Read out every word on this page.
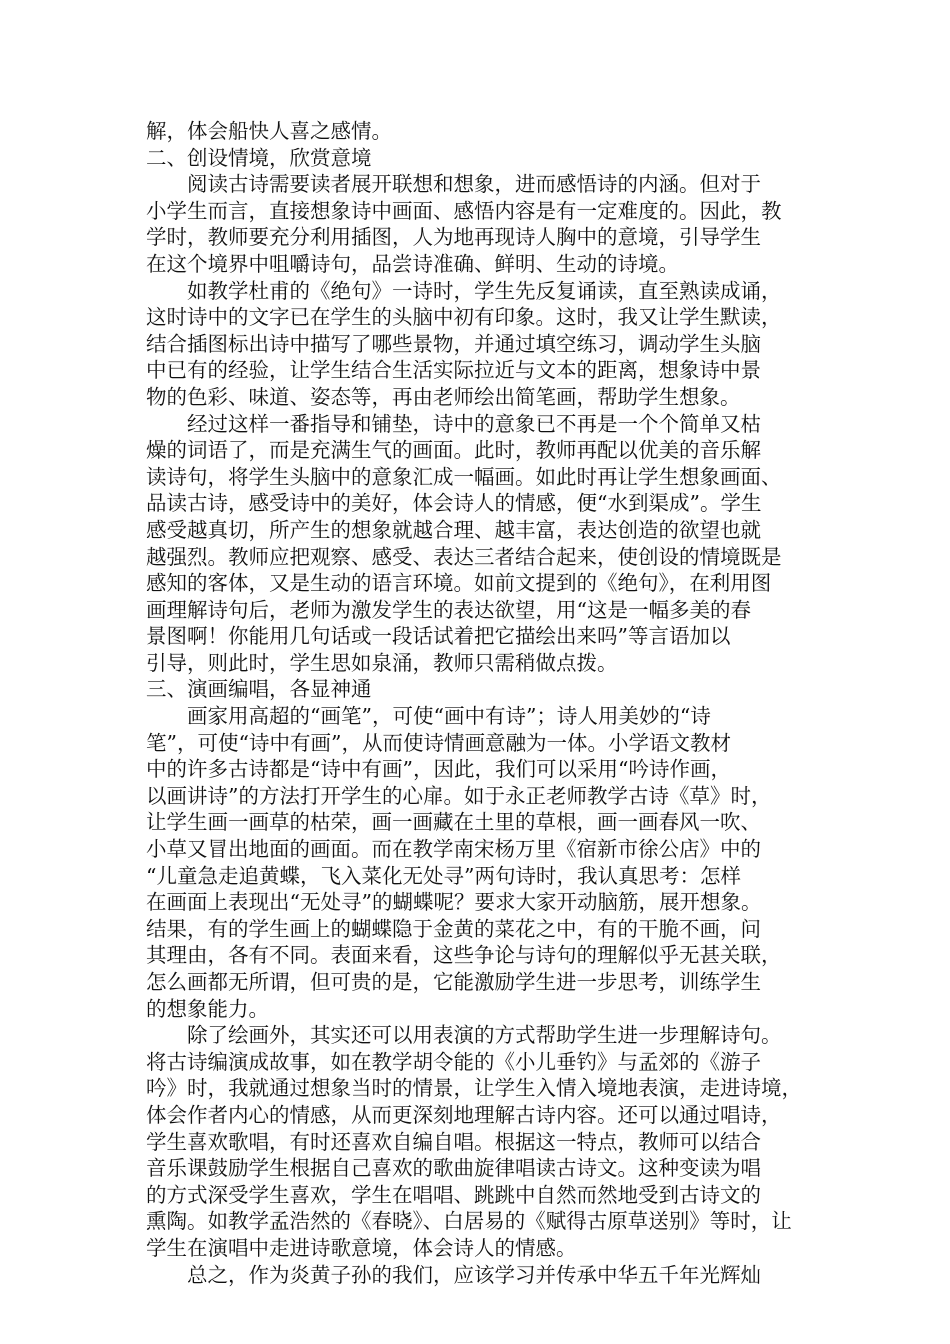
解，体会船快人喜之感情。
二、创设情境，欣赏意境
阅读古诗需要读者展开联想和想象，进而感悟诗的内涵。但对于
小学生而言，直接想象诗中画面、感悟内容是有一定难度的。因此，教
学时，教师要充分利用插图，人为地再现诗人胸中的意境，引导学生
在这个境界中咀嚼诗句，品尝诗准确、鲜明、生动的诗境。
如教学杜甫的《绝句》一诗时，学生先反复诵读，直至熟读成诵，
这时诗中的文字已在学生的头脑中初有印象。这时，我又让学生默读，
结合插图标出诗中描写了哪些景物，并通过填空练习，调动学生头脑
中已有的经验，让学生结合生活实际拉近与文本的距离，想象诗中景
物的色彩、味道、姿态等，再由老师绘出简笔画，帮助学生想象。
经过这样一番指导和铺垫，诗中的意象已不再是一个个简单又枯
燥的词语了，而是充满生气的画面。此时，教师再配以优美的音乐解
读诗句，将学生头脑中的意象汇成一幅画。如此时再让学生想象画面、
品读古诗，感受诗中的美好，体会诗人的情感，便“水到渠成”。学生
感受越真切，所产生的想象就越合理、越丰富，表达创造的欲望也就
越强烈。教师应把观察、感受、表达三者结合起来，使创设的情境既是
感知的客体，又是生动的语言环境。如前文提到的《绝句》，在利用图
画理解诗句后，老师为激发学生的表达欲望，用“这是一幅多美的春
景图啊！你能用几句话或一段话试着把它描绘出来吗”等言语加以
引导，则此时，学生思如泉涌，教师只需稍做点拨。
三、演画编唱，各显神通
画家用高超的“画笔”，可使“画中有诗”；诗人用美妙的“诗
笔”，可使“诗中有画”，从而使诗情画意融为一体。小学语文教材
中的许多古诗都是“诗中有画”，因此，我们可以采用“吟诗作画，
以画讲诗”的方法打开学生的心扉。如于永正老师教学古诗《草》时，
让学生画一画草的枯荣，画一画藏在土里的草根，画一画春风一吹、
小草又冒出地面的画面。而在教学南宋杨万里《宿新市徐公店》中的
“儿童急走追黄蝶，飞入菜化无处寻”两句诗时，我认真思考：怎样
在画面上表现出“无处寻”的蝴蝶呢？要求大家开动脑筋，展开想象。
结果，有的学生画上的蝴蝶隐于金黄的菜花之中，有的干脆不画，问
其理由，各有不同。表面来看，这些争论与诗句的理解似乎无甚关联，
怎么画都无所谓，但可贵的是，它能激励学生进一步思考，训练学生
的想象能力。
除了绘画外，其实还可以用表演的方式帮助学生进一步理解诗句。
将古诗编演成故事，如在教学胡令能的《小儿垂钓》与孟郊的《游子
吟》时，我就通过想象当时的情景，让学生入情入境地表演，走进诗境，
体会作者内心的情感，从而更深刻地理解古诗内容。还可以通过唱诗，
学生喜欢歌唱，有时还喜欢自编自唱。根据这一特点，教师可以结合
音乐课鼓励学生根据自己喜欢的歌曲旋律唱读古诗文。这种变读为唱
的方式深受学生喜欢，学生在唱唱、跳跳中自然而然地受到古诗文的
熏陶。如教学孟浩然的《春晓》、白居易的《赋得古原草送别》等时，让
学生在演唱中走进诗歌意境，体会诗人的情感。
总之，作为炎黄子孙的我们，应该学习并传承中华五千年光辉灿
